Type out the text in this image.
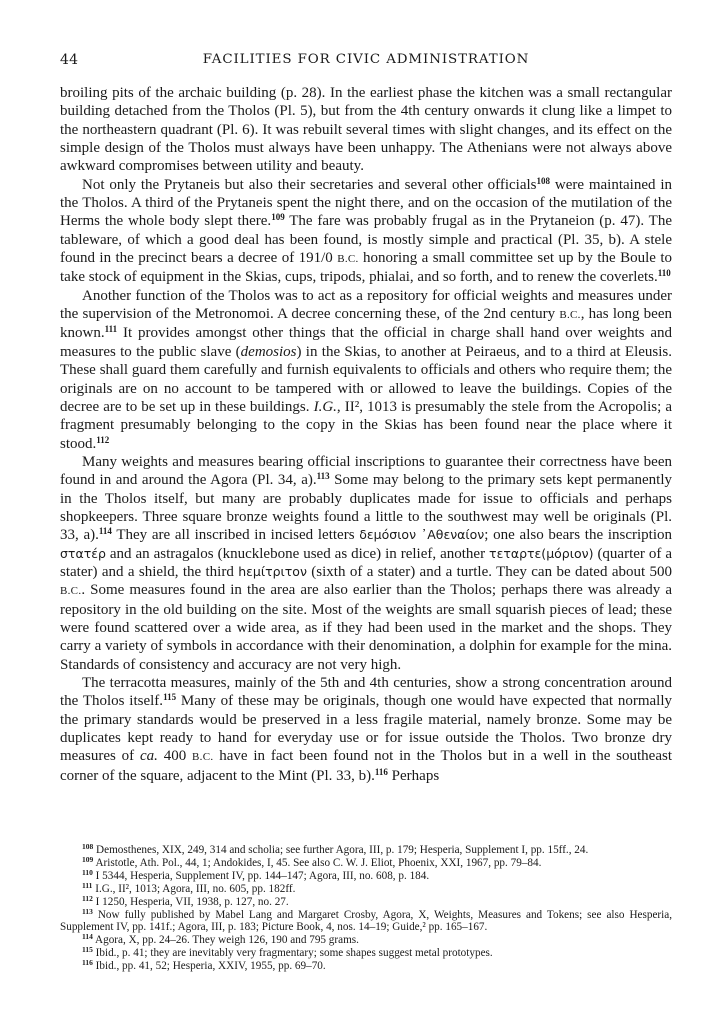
44	FACILITIES FOR CIVIC ADMINISTRATION

broiling pits of the archaic building (p. 28). In the earliest phase the kitchen was a small rectangular building detached from the Tholos (Pl. 5), but from the 4th century onwards it clung like a limpet to the northeastern quadrant (Pl. 6). It was rebuilt several times with slight changes, and its effect on the simple design of the Tholos must always have been unhappy. The Athenians were not always above awkward compromises between utility and beauty.

Not only the Prytaneis but also their secretaries and several other officials$^{108}$ were maintained in the Tholos. A third of the Prytaneis spent the night there, and on the occasion of the mutilation of the Herms the whole body slept there.$^{109}$ The fare was probably frugal as in the Prytaneion (p. 47). The tableware, of which a good deal has been found, is mostly simple and practical (Pl. 35, b). A stele found in the precinct bears a decree of 191/0 B.C. honoring a small committee set up by the Boule to take stock of equipment in the Skias, cups, tripods, phialai, and so forth, and to renew the coverlets.$^{110}$

Another function of the Tholos was to act as a repository for official weights and measures under the supervision of the Metronomoi. A decree concerning these, of the 2nd century B.C., has long been known.$^{111}$ It provides amongst other things that the official in charge shall hand over weights and measures to the public slave (demosios) in the Skias, to another at Peiraeus, and to a third at Eleusis. These shall guard them carefully and furnish equivalents to officials and others who require them; the originals are on no account to be tampered with or allowed to leave the buildings. Copies of the decree are to be set up in these buildings. I.G., II², 1013 is presumably the stele from the Acropolis; a fragment presumably belonging to the copy in the Skias has been found near the place where it stood.$^{112}$

Many weights and measures bearing official inscriptions to guarantee their correctness have been found in and around the Agora (Pl. 34, a).$^{113}$ Some may belong to the primary sets kept permanently in the Tholos itself, but many are probably duplicates made for issue to officials and perhaps shopkeepers. Three square bronze weights found a little to the southwest may well be originals (Pl. 33, a).$^{114}$ They are all inscribed in incised letters δεμόσιον ᾽Αθεναίον; one also bears the inscription στατέρ and an astragalos (knucklebone used as dice) in relief, another τεταρτε(μόριον) (quarter of a stater) and a shield, the third hεμίτριτον (sixth of a stater) and a turtle. They can be dated about 500 B.C.. Some measures found in the area are also earlier than the Tholos; perhaps there was already a repository in the old building on the site. Most of the weights are small squarish pieces of lead; these were found scattered over a wide area, as if they had been used in the market and the shops. They carry a variety of symbols in accordance with their denomination, a dolphin for example for the mina. Standards of consistency and accuracy are not very high.

The terracotta measures, mainly of the 5th and 4th centuries, show a strong concentration around the Tholos itself.$^{115}$ Many of these may be originals, though one would have expected that normally the primary standards would be preserved in a less fragile material, namely bronze. Some may be duplicates kept ready to hand for everyday use or for issue outside the Tholos. Two bronze dry measures of ca. 400 B.C. have in fact been found not in the Tholos but in a well in the southeast corner of the square, adjacent to the Mint (Pl. 33, b).$^{116}$ Perhaps

$^{108}$ Demosthenes, XIX, 249, 314 and scholia; see further Agora, III, p. 179; Hesperia, Supplement I, pp. 15ff., 24.

$^{109}$ Aristotle, Ath. Pol., 44, 1; Andokides, I, 45. See also C. W. J. Eliot, Phoenix, XXI, 1967, pp. 79–84.

$^{110}$ I 5344, Hesperia, Supplement IV, pp. 144–147; Agora, III, no. 608, p. 184.

$^{111}$ I.G., II², 1013; Agora, III, no. 605, pp. 182ff.

$^{112}$ I 1250, Hesperia, VII, 1938, p. 127, no. 27.

$^{113}$ Now fully published by Mabel Lang and Margaret Crosby, Agora, X, Weights, Measures and Tokens; see also Hesperia, Supplement IV, pp. 141f.; Agora, III, p. 183; Picture Book, 4, nos. 14–19; Guide,² pp. 165–167.

$^{114}$ Agora, X, pp. 24–26. They weigh 126, 190 and 795 grams.

$^{115}$ Ibid., p. 41; they are inevitably very fragmentary; some shapes suggest metal prototypes.

$^{116}$ Ibid., pp. 41, 52; Hesperia, XXIV, 1955, pp. 69–70.
